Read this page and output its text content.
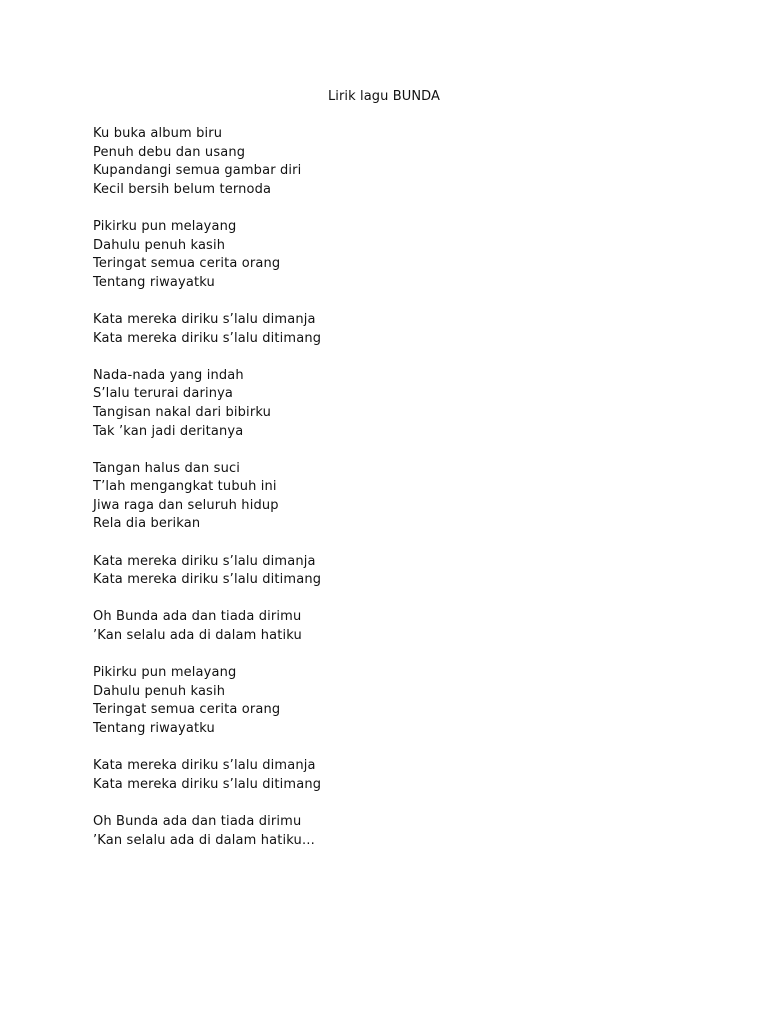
Lirik lagu BUNDA
Ku buka album biru
Penuh debu dan usang
Kupandangi semua gambar diri
Kecil bersih belum ternoda
Pikirku pun melayang
Dahulu penuh kasih
Teringat semua cerita orang
Tentang riwayatku
Kata mereka diriku s’lalu dimanja
Kata mereka diriku s’lalu ditimang
Nada-nada yang indah
S’lalu terurai darinya
Tangisan nakal dari bibirku
Tak ’kan jadi deritanya
Tangan halus dan suci
T’lah mengangkat tubuh ini
Jiwa raga dan seluruh hidup
Rela dia berikan
Kata mereka diriku s’lalu dimanja
Kata mereka diriku s’lalu ditimang
Oh Bunda ada dan tiada dirimu
’Kan selalu ada di dalam hatiku
Pikirku pun melayang
Dahulu penuh kasih
Teringat semua cerita orang
Tentang riwayatku
Kata mereka diriku s’lalu dimanja
Kata mereka diriku s’lalu ditimang
Oh Bunda ada dan tiada dirimu
’Kan selalu ada di dalam hatiku…
